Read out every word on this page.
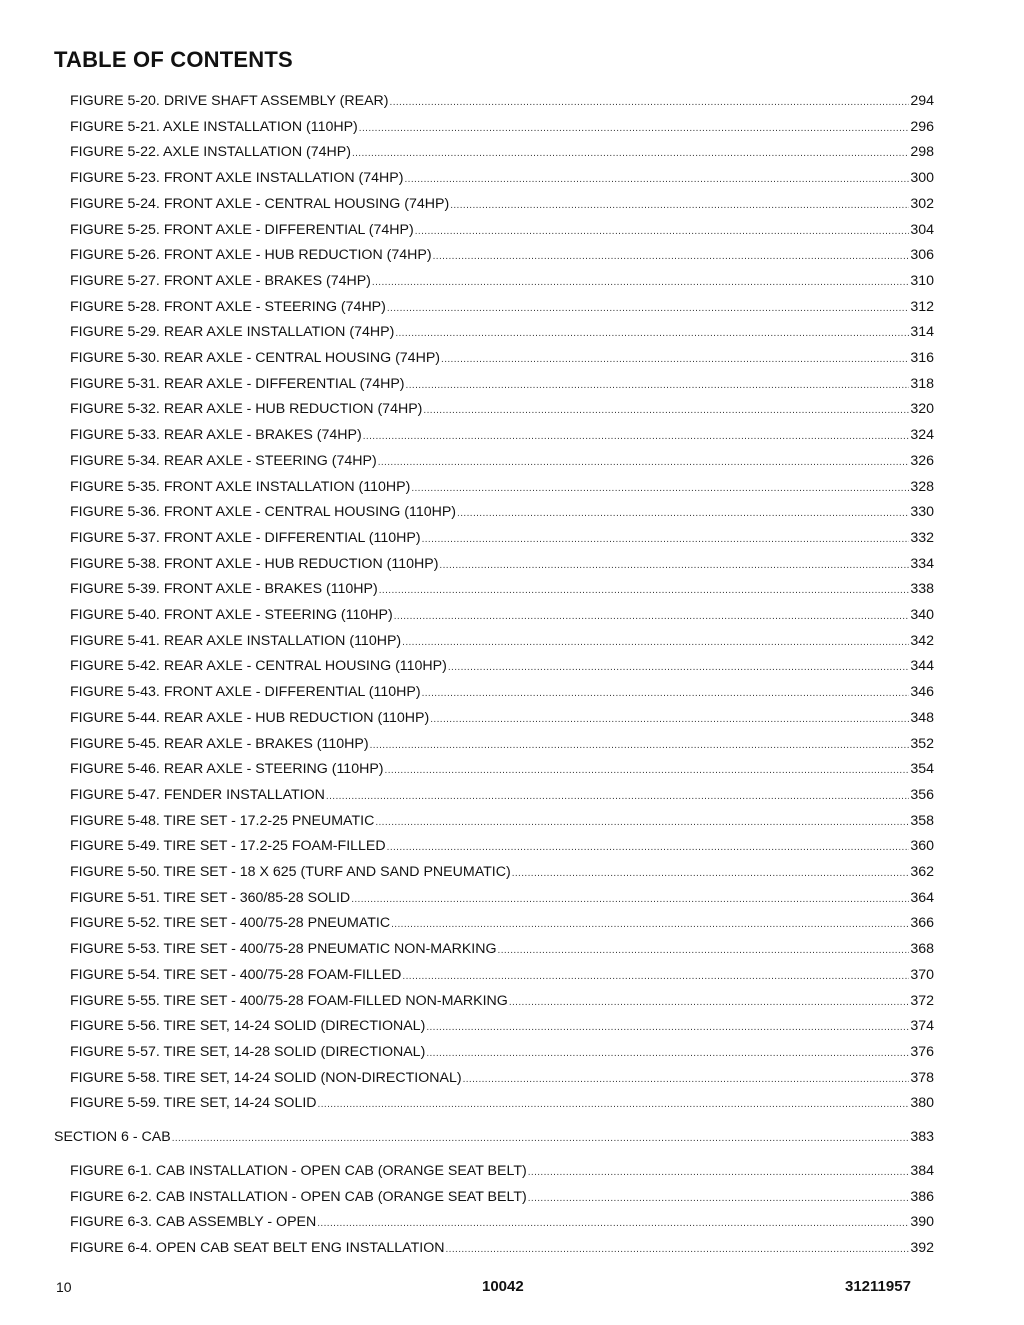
TABLE OF CONTENTS
FIGURE 5-20. DRIVE SHAFT ASSEMBLY (REAR) .....	294
FIGURE 5-21. AXLE INSTALLATION (110HP) .....	296
FIGURE 5-22. AXLE INSTALLATION (74HP) .....	298
FIGURE 5-23. FRONT AXLE INSTALLATION (74HP) .....	300
FIGURE 5-24. FRONT AXLE - CENTRAL HOUSING (74HP) .....	302
FIGURE 5-25. FRONT AXLE - DIFFERENTIAL (74HP) .....	304
FIGURE 5-26. FRONT AXLE - HUB REDUCTION (74HP) .....	306
FIGURE 5-27. FRONT AXLE - BRAKES (74HP) .....	310
FIGURE 5-28. FRONT AXLE - STEERING (74HP) .....	312
FIGURE 5-29. REAR AXLE INSTALLATION (74HP) .....	314
FIGURE 5-30. REAR AXLE - CENTRAL HOUSING (74HP) .....	316
FIGURE 5-31. REAR AXLE - DIFFERENTIAL (74HP) .....	318
FIGURE 5-32. REAR AXLE - HUB REDUCTION (74HP) .....	320
FIGURE 5-33. REAR AXLE - BRAKES (74HP) .....	324
FIGURE 5-34. REAR AXLE - STEERING (74HP) .....	326
FIGURE 5-35. FRONT AXLE INSTALLATION (110HP) .....	328
FIGURE 5-36. FRONT AXLE - CENTRAL HOUSING (110HP) .....	330
FIGURE 5-37. FRONT AXLE - DIFFERENTIAL (110HP) .....	332
FIGURE 5-38. FRONT AXLE - HUB REDUCTION (110HP) .....	334
FIGURE 5-39. FRONT AXLE - BRAKES (110HP) .....	338
FIGURE 5-40. FRONT AXLE - STEERING (110HP) .....	340
FIGURE 5-41. REAR AXLE INSTALLATION (110HP) .....	342
FIGURE 5-42. REAR AXLE - CENTRAL HOUSING (110HP) .....	344
FIGURE 5-43. FRONT AXLE - DIFFERENTIAL (110HP) .....	346
FIGURE 5-44. REAR AXLE - HUB REDUCTION (110HP) .....	348
FIGURE 5-45. REAR AXLE - BRAKES (110HP) .....	352
FIGURE 5-46. REAR AXLE - STEERING (110HP) .....	354
FIGURE 5-47. FENDER INSTALLATION .....	356
FIGURE 5-48. TIRE SET - 17.2-25 PNEUMATIC .....	358
FIGURE 5-49. TIRE SET - 17.2-25 FOAM-FILLED .....	360
FIGURE 5-50. TIRE SET - 18 X 625 (TURF AND SAND PNEUMATIC) .....	362
FIGURE 5-51. TIRE SET - 360/85-28 SOLID .....	364
FIGURE 5-52. TIRE SET - 400/75-28 PNEUMATIC .....	366
FIGURE 5-53. TIRE SET - 400/75-28 PNEUMATIC NON-MARKING .....	368
FIGURE 5-54. TIRE SET - 400/75-28 FOAM-FILLED .....	370
FIGURE 5-55. TIRE SET - 400/75-28 FOAM-FILLED NON-MARKING .....	372
FIGURE 5-56. TIRE SET, 14-24 SOLID (DIRECTIONAL) .....	374
FIGURE 5-57. TIRE SET, 14-28 SOLID (DIRECTIONAL) .....	376
FIGURE 5-58. TIRE SET, 14-24 SOLID (NON-DIRECTIONAL) .....	378
FIGURE 5-59. TIRE SET, 14-24 SOLID .....	380
SECTION 6 - CAB .....	383
FIGURE 6-1. CAB INSTALLATION - OPEN CAB (ORANGE SEAT BELT) .....	384
FIGURE 6-2. CAB INSTALLATION - OPEN CAB (ORANGE SEAT BELT) .....	386
FIGURE 6-3. CAB ASSEMBLY - OPEN .....	390
FIGURE 6-4. OPEN CAB SEAT BELT ENG INSTALLATION .....	392
10	10042	31211957
